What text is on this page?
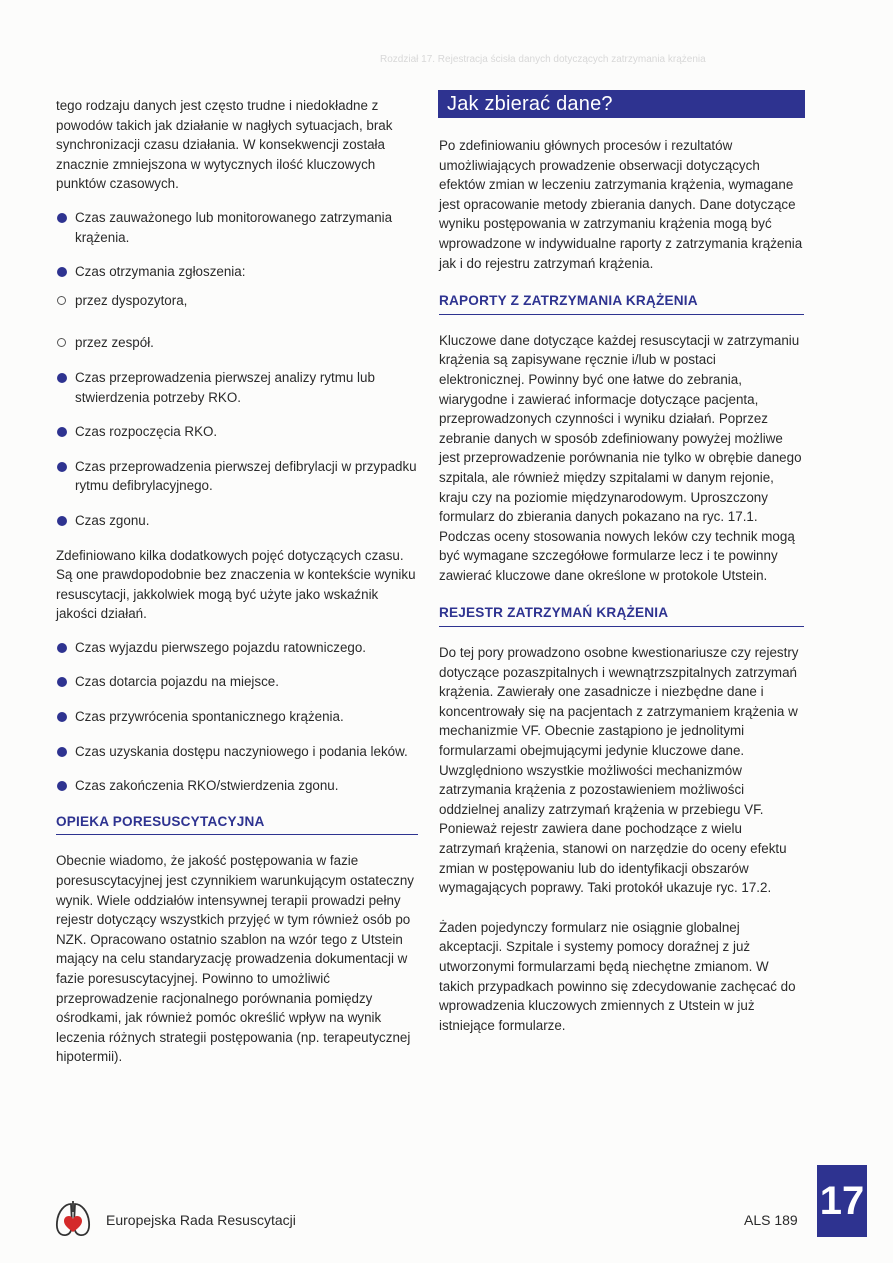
Rozdział 17. Rejestracja ścisła danych dotyczących zatrzymania krążenia

tego rodzaju danych jest często trudne i niedokładne z powodów takich jak działanie w nagłych sytuacjach, brak synchronizacji czasu działania. W konsekwencji została znacznie zmniejszona w wytycznych ilość kluczowych punktów czasowych.

Czas zauważonego lub monitorowanego zatrzymania krążenia.
Czas otrzymania zgłoszenia:
przez dyspozytora,
przez zespół.
Czas przeprowadzenia pierwszej analizy rytmu lub stwierdzenia potrzeby RKO.
Czas rozpoczęcia RKO.
Czas przeprowadzenia pierwszej defibrylacji w przypadku rytmu defibrylacyjnego.
Czas zgonu.

Zdefiniowano kilka dodatkowych pojęć dotyczących czasu. Są one prawdopodobnie bez znaczenia w kontekście wyniku resuscytacji, jakkolwiek mogą być użyte jako wskaźnik jakości działań.

Czas wyjazdu pierwszego pojazdu ratowniczego.
Czas dotarcia pojazdu na miejsce.
Czas przywrócenia spontanicznego krążenia.
Czas uzyskania dostępu naczyniowego i podania leków.
Czas zakończenia RKO/stwierdzenia zgonu.
OPIEKA PORESUSCYTACYJNA

Obecnie wiadomo, że jakość postępowania w fazie poresuscytacyjnej jest czynnikiem warunkującym ostateczny wynik. Wiele oddziałów intensywnej terapii prowadzi pełny rejestr dotyczący wszystkich przyjęć w tym również osób po NZK. Opracowano ostatnio szablon na wzór tego z Utstein mający na celu standaryzację prowadzenia dokumentacji w fazie poresuscytacyjnej. Powinno to umożliwić przeprowadzenie racjonalnego porównania pomiędzy ośrodkami, jak również pomóc określić wpływ na wynik leczenia różnych strategii postępowania (np. terapeutycznej hipotermii).

Jak zbierać dane?

Po zdefiniowaniu głównych procesów i rezultatów umożliwiających prowadzenie obserwacji dotyczących efektów zmian w leczeniu zatrzymania krążenia, wymagane jest opracowanie metody zbierania danych. Dane dotyczące wyniku postępowania w zatrzymaniu krążenia mogą być wprowadzone w indywidualne raporty z zatrzymania krążenia jak i do rejestru zatrzymań krążenia.

RAPORTY Z ZATRZYMANIA KRĄŻENIA

Kluczowe dane dotyczące każdej resuscytacji w zatrzymaniu krążenia są zapisywane ręcznie i/lub w postaci elektronicznej. Powinny być one łatwe do zebrania, wiarygodne i zawierać informacje dotyczące pacjenta, przeprowadzonych czynności i wyniku działań. Poprzez zebranie danych w sposób zdefiniowany powyżej możliwe jest przeprowadzenie porównania nie tylko w obrębie danego szpitala, ale również między szpitalami w danym rejonie, kraju czy na poziomie międzynarodowym. Uproszczony formularz do zbierania danych pokazano na ryc. 17.1. Podczas oceny stosowania nowych leków czy technik mogą być wymagane szczegółowe formularze lecz i te powinny zawierać kluczowe dane określone w protokole Utstein.

REJESTR ZATRZYMAŃ KRĄŻENIA

Do tej pory prowadzono osobne kwestionariusze czy rejestry dotyczące pozaszpitalnych i wewnątrzszpitalnych zatrzymań krążenia. Zawierały one zasadnicze i niezbędne dane i koncentrowały się na pacjentach z zatrzymaniem krążenia w mechanizmie VF. Obecnie zastąpiono je jednolitymi formularzami obejmującymi jedynie kluczowe dane. Uwzględniono wszystkie możliwości mechanizmów zatrzymania krążenia z pozostawieniem możliwości oddzielnej analizy zatrzymań krążenia w przebiegu VF. Ponieważ rejestr zawiera dane pochodzące z wielu zatrzymań krążenia, stanowi on narzędzie do oceny efektu zmian w postępowaniu lub do identyfikacji obszarów wymagających poprawy. Taki protokół ukazuje ryc. 17.2.

Żaden pojedynczy formularz nie osiągnie globalnej akceptacji. Szpitale i systemy pomocy doraźnej z już utworzonymi formularzami będą niechętne zmianom. W takich przypadkach powinno się zdecydowanie zachęcać do wprowadzenia kluczowych zmiennych z Utstein w już istniejące formularze.

Europejska Rada Resuscytacji	ALS 189 17
